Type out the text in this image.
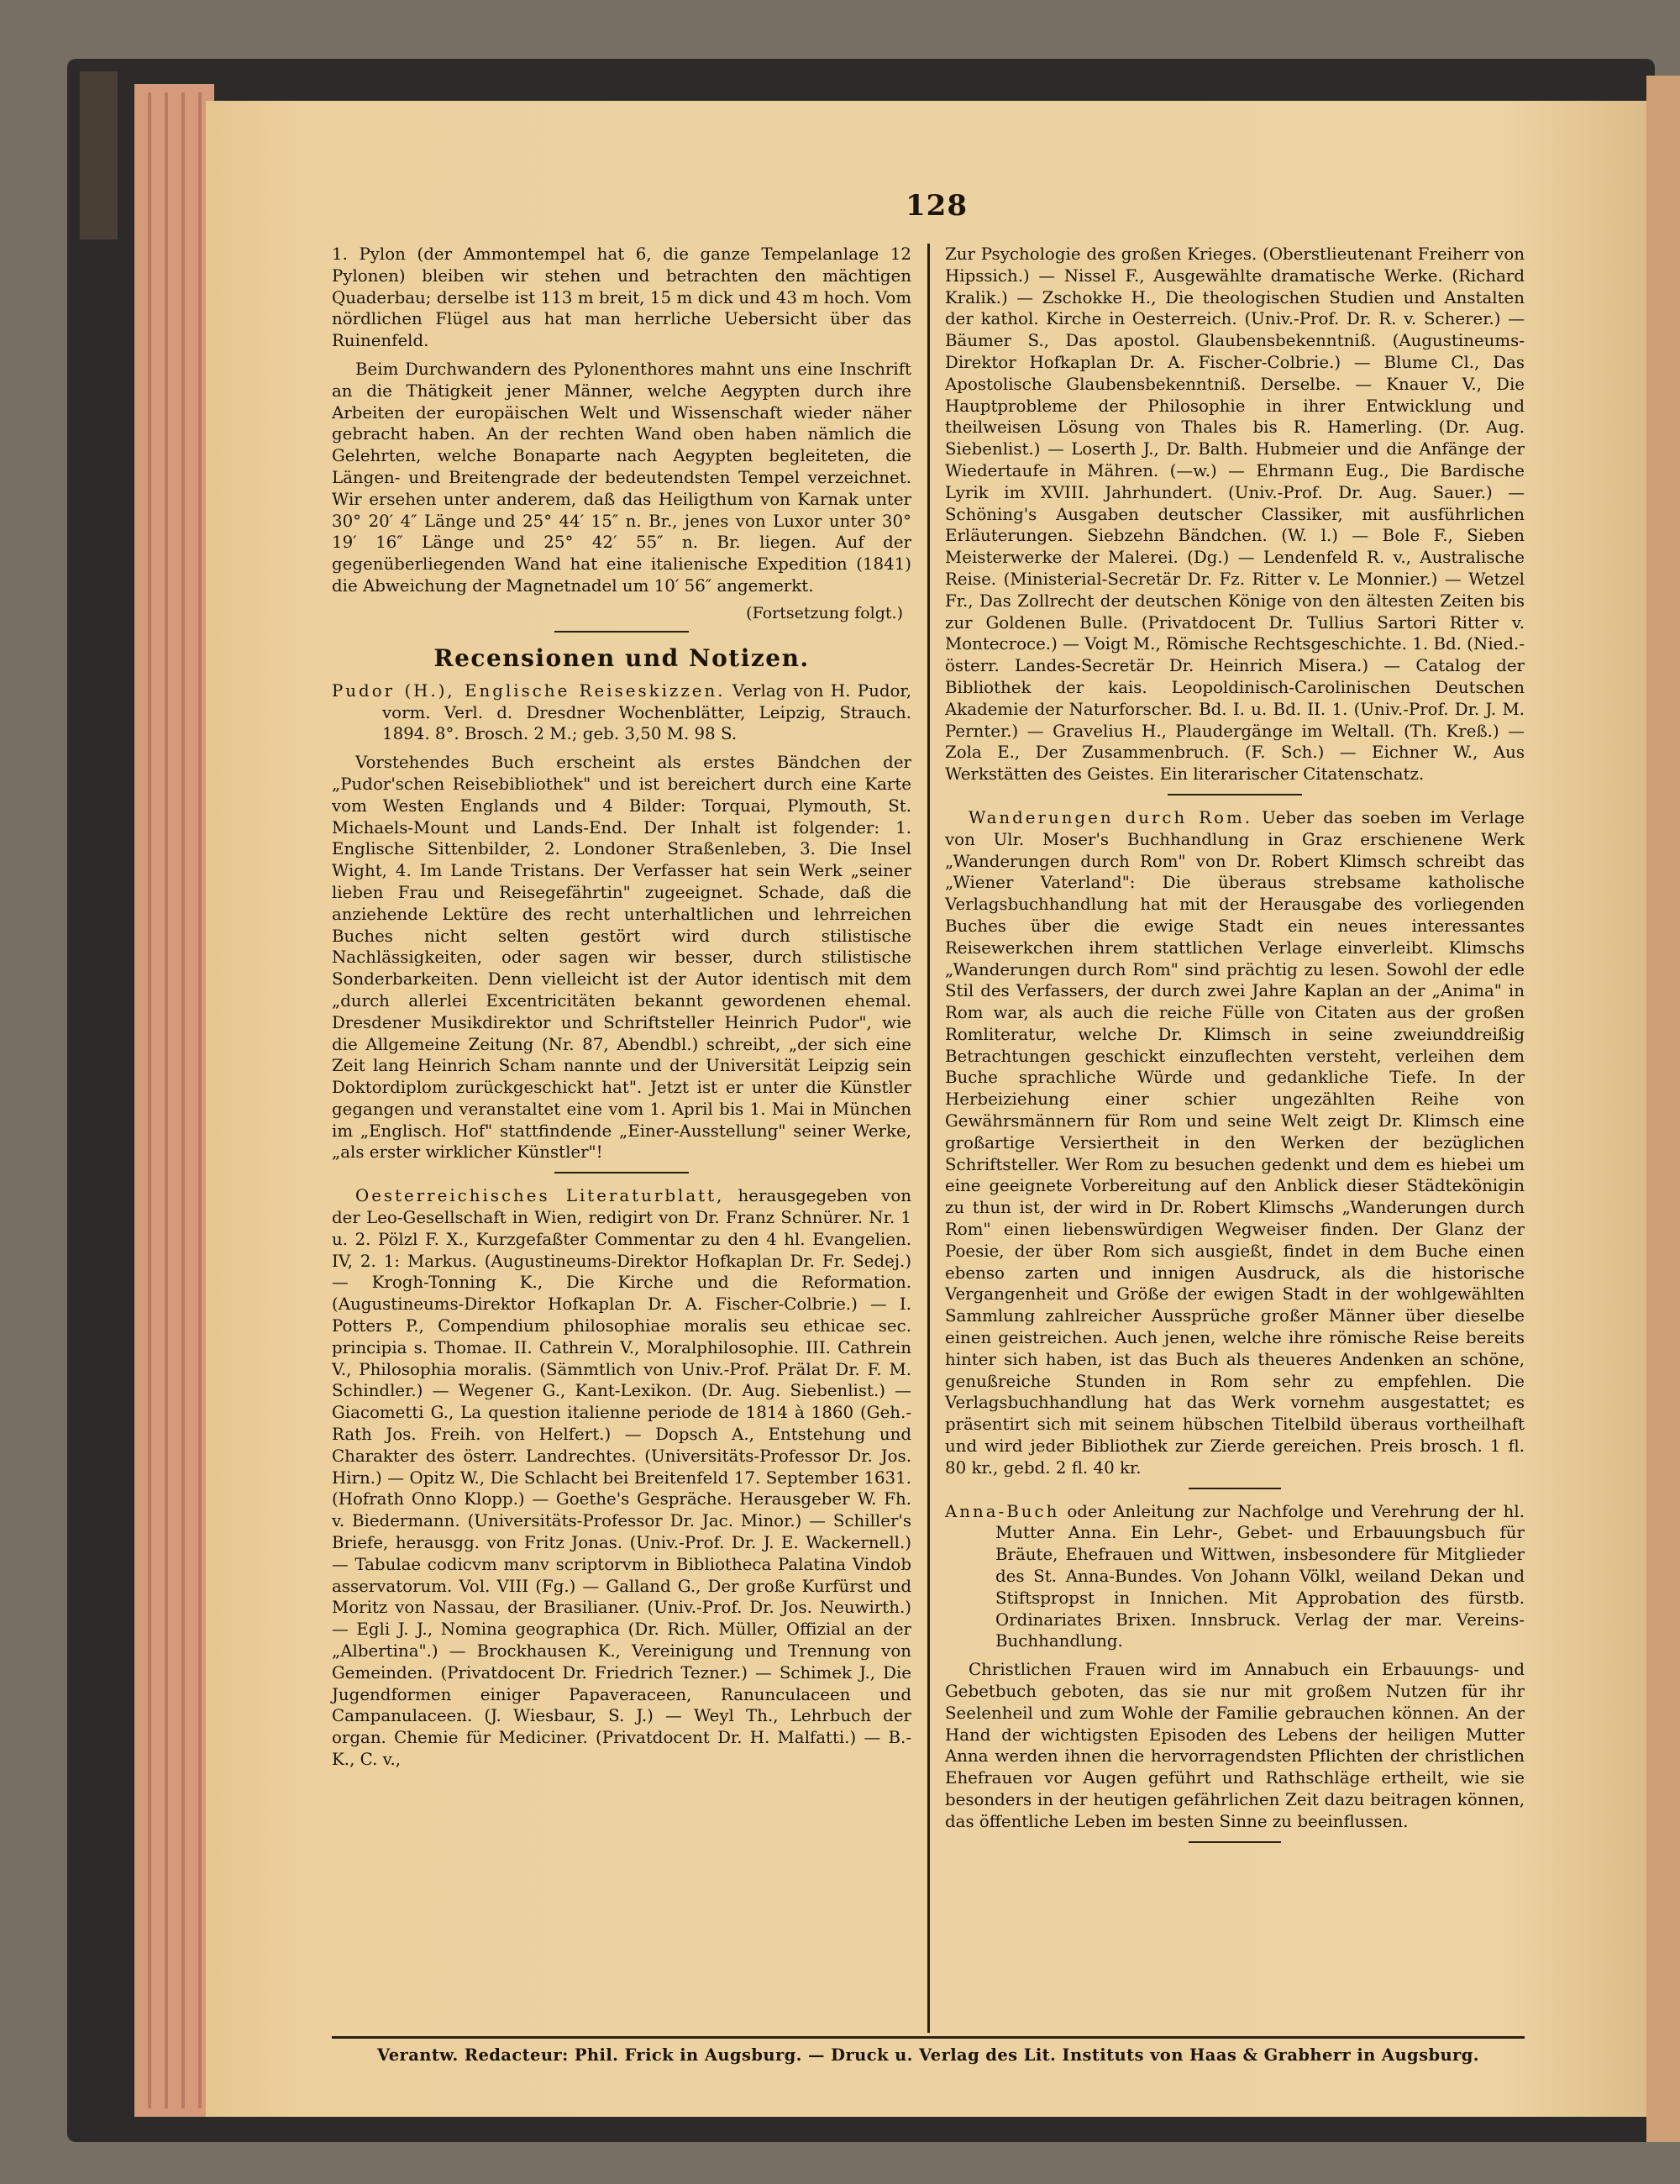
128

1. Pylon (der Ammontempel hat 6, die ganze Tempelanlage 12 Pylonen) bleiben wir stehen und betrachten den mächtigen Quaderbau; derselbe ist 113 m breit, 15 m dick und 43 m hoch. Vom nördlichen Flügel aus hat man herrliche Uebersicht über das Ruinenfeld.

Beim Durchwandern des Pylonenthores mahnt uns eine Inschrift an die Thätigkeit jener Männer, welche Aegypten durch ihre Arbeiten der europäischen Welt und Wissenschaft wieder näher gebracht haben. An der rechten Wand oben haben nämlich die Gelehrten, welche Bonaparte nach Aegypten begleiteten, die Längen- und Breitengrade der bedeutendsten Tempel verzeichnet. Wir ersehen unter anderem, daß das Heiligthum von Karnak unter 30° 20′ 4″ Länge und 25° 44′ 15″ n. Br., jenes von Luxor unter 30° 19′ 16″ Länge und 25° 42′ 55″ n. Br. liegen. Auf der gegenüberliegenden Wand hat eine italienische Expedition (1841) die Abweichung der Magnetnadel um 10′ 56″ angemerkt.

(Fortsetzung folgt.)
Recensionen und Notizen.

Pudor (H.), Englische Reiseskizzen. Verlag von H. Pudor, vorm. Verl. d. Dresdner Wochenblätter, Leipzig, Strauch. 1894. 8°. Brosch. 2 M.; geb. 3,50 M. 98 S.

Vorstehendes Buch erscheint als erstes Bändchen der „Pudor'schen Reisebibliothek" und ist bereichert durch eine Karte vom Westen Englands und 4 Bilder: Torquai, Plymouth, St. Michaels-Mount und Lands-End. Der Inhalt ist folgender: 1. Englische Sittenbilder, 2. Londoner Straßenleben, 3. Die Insel Wight, 4. Im Lande Tristans. Der Verfasser hat sein Werk „seiner lieben Frau und Reisegefährtin" zugeeignet. Schade, daß die anziehende Lektüre des recht unterhaltlichen und lehrreichen Buches nicht selten gestört wird durch stilistische Nachlässigkeiten, oder sagen wir besser, durch stilistische Sonderbarkeiten. Denn vielleicht ist der Autor identisch mit dem „durch allerlei Excentricitäten bekannt gewordenen ehemal. Dresdener Musikdirektor und Schriftsteller Heinrich Pudor", wie die Allgemeine Zeitung (Nr. 87, Abendbl.) schreibt, „der sich eine Zeit lang Heinrich Scham nannte und der Universität Leipzig sein Doktordiplom zurückgeschickt hat". Jetzt ist er unter die Künstler gegangen und veranstaltet eine vom 1. April bis 1. Mai in München im „Englisch. Hof" stattfindende „Einer-Ausstellung" seiner Werke, „als erster wirklicher Künstler"!

Oesterreichisches Literaturblatt, herausgegeben von der Leo-Gesellschaft in Wien, redigirt von Dr. Franz Schnürer. Nr. 1 u. 2. Pölzl F. X., Kurzgefaßter Commentar zu den 4 hl. Evangelien. IV, 2. 1: Markus. (Augustineums-Direktor Hofkaplan Dr. Fr. Sedej.) — Krogh-Tonning K., Die Kirche und die Reformation. (Augustineums-Direktor Hofkaplan Dr. A. Fischer-Colbrie.) — I. Potters P., Compendium philosophiae moralis seu ethicae sec. principia s. Thomae. II. Cathrein V., Moralphilosophie. III. Cathrein V., Philosophia moralis. (Sämmtlich von Univ.-Prof. Prälat Dr. F. M. Schindler.) — Wegener G., Kant-Lexikon. (Dr. Aug. Siebenlist.) — Giacometti G., La question italienne periode de 1814 à 1860 (Geh.-Rath Jos. Freih. von Helfert.) — Dopsch A., Entstehung und Charakter des österr. Landrechtes. (Universitäts-Professor Dr. Jos. Hirn.) — Opitz W., Die Schlacht bei Breitenfeld 17. September 1631. (Hofrath Onno Klopp.) — Goethe's Gespräche. Herausgeber W. Fh. v. Biedermann. (Universitäts-Professor Dr. Jac. Minor.) — Schiller's Briefe, herausgg. von Fritz Jonas. (Univ.-Prof. Dr. J. E. Wackernell.) — Tabulae codicvm manv scriptorvm in Bibliotheca Palatina Vindob asservatorum. Vol. VIII (Fg.) — Galland G., Der große Kurfürst und Moritz von Nassau, der Brasilianer. (Univ.-Prof. Dr. Jos. Neuwirth.) — Egli J. J., Nomina geographica (Dr. Rich. Müller, Offizial an der „Albertina".) — Brockhausen K., Vereinigung und Trennung von Gemeinden. (Privatdocent Dr. Friedrich Tezner.) — Schimek J., Die Jugendformen einiger Papaveraceen, Ranunculaceen und Campanulaceen. (J. Wiesbaur, S. J.) — Weyl Th., Lehrbuch der organ. Chemie für Mediciner. (Privatdocent Dr. H. Malfatti.) — B.-K., C. v.,

Zur Psychologie des großen Krieges. (Oberstlieutenant Freiherr von Hipssich.) — Nissel F., Ausgewählte dramatische Werke. (Richard Kralik.) — Zschokke H., Die theologischen Studien und Anstalten der kathol. Kirche in Oesterreich. (Univ.-Prof. Dr. R. v. Scherer.) — Bäumer S., Das apostol. Glaubensbekenntniß. (Augustineums-Direktor Hofkaplan Dr. A. Fischer-Colbrie.) — Blume Cl., Das Apostolische Glaubensbekenntniß. Derselbe. — Knauer V., Die Hauptprobleme der Philosophie in ihrer Entwicklung und theilweisen Lösung von Thales bis R. Hamerling. (Dr. Aug. Siebenlist.) — Loserth J., Dr. Balth. Hubmeier und die Anfänge der Wiedertaufe in Mähren. (—w.) — Ehrmann Eug., Die Bardische Lyrik im XVIII. Jahrhundert. (Univ.-Prof. Dr. Aug. Sauer.) — Schöning's Ausgaben deutscher Classiker, mit ausführlichen Erläuterungen. Siebzehn Bändchen. (W. l.) — Bole F., Sieben Meisterwerke der Malerei. (Dg.) — Lendenfeld R. v., Australische Reise. (Ministerial-Secretär Dr. Fz. Ritter v. Le Monnier.) — Wetzel Fr., Das Zollrecht der deutschen Könige von den ältesten Zeiten bis zur Goldenen Bulle. (Privatdocent Dr. Tullius Sartori Ritter v. Montecroce.) — Voigt M., Römische Rechtsgeschichte. 1. Bd. (Nied.-österr. Landes-Secretär Dr. Heinrich Misera.) — Catalog der Bibliothek der kais. Leopoldinisch-Carolinischen Deutschen Akademie der Naturforscher. Bd. I. u. Bd. II. 1. (Univ.-Prof. Dr. J. M. Pernter.) — Gravelius H., Plaudergänge im Weltall. (Th. Kreß.) — Zola E., Der Zusammenbruch. (F. Sch.) — Eichner W., Aus Werkstätten des Geistes. Ein literarischer Citatenschatz.

Wanderungen durch Rom. Ueber das soeben im Verlage von Ulr. Moser's Buchhandlung in Graz erschienene Werk „Wanderungen durch Rom" von Dr. Robert Klimsch schreibt das „Wiener Vaterland": Die überaus strebsame katholische Verlagsbuchhandlung hat mit der Herausgabe des vorliegenden Buches über die ewige Stadt ein neues interessantes Reisewerkchen ihrem stattlichen Verlage einverleibt. Klimschs „Wanderungen durch Rom" sind prächtig zu lesen. Sowohl der edle Stil des Verfassers, der durch zwei Jahre Kaplan an der „Anima" in Rom war, als auch die reiche Fülle von Citaten aus der großen Romliteratur, welche Dr. Klimsch in seine zweiunddreißig Betrachtungen geschickt einzuflechten versteht, verleihen dem Buche sprachliche Würde und gedankliche Tiefe. In der Herbeiziehung einer schier ungezählten Reihe von Gewährsmännern für Rom und seine Welt zeigt Dr. Klimsch eine großartige Versiertheit in den Werken der bezüglichen Schriftsteller. Wer Rom zu besuchen gedenkt und dem es hiebei um eine geeignete Vorbereitung auf den Anblick dieser Städtekönigin zu thun ist, der wird in Dr. Robert Klimschs „Wanderungen durch Rom" einen liebenswürdigen Wegweiser finden. Der Glanz der Poesie, der über Rom sich ausgießt, findet in dem Buche einen ebenso zarten und innigen Ausdruck, als die historische Vergangenheit und Größe der ewigen Stadt in der wohlgewählten Sammlung zahlreicher Aussprüche großer Männer über dieselbe einen geistreichen. Auch jenen, welche ihre römische Reise bereits hinter sich haben, ist das Buch als theueres Andenken an schöne, genußreiche Stunden in Rom sehr zu empfehlen. Die Verlagsbuchhandlung hat das Werk vornehm ausgestattet; es präsentirt sich mit seinem hübschen Titelbild überaus vortheilhaft und wird jeder Bibliothek zur Zierde gereichen. Preis brosch. 1 fl. 80 kr., gebd. 2 fl. 40 kr.

Anna-Buch oder Anleitung zur Nachfolge und Verehrung der hl. Mutter Anna. Ein Lehr-, Gebet- und Erbauungsbuch für Bräute, Ehefrauen und Wittwen, insbesondere für Mitglieder des St. Anna-Bundes. Von Johann Völkl, weiland Dekan und Stiftspropst in Innichen. Mit Approbation des fürstb. Ordinariates Brixen. Innsbruck. Verlag der mar. Vereins-Buchhandlung.

Christlichen Frauen wird im Annabuch ein Erbauungs- und Gebetbuch geboten, das sie nur mit großem Nutzen für ihr Seelenheil und zum Wohle der Familie gebrauchen können. An der Hand der wichtigsten Episoden des Lebens der heiligen Mutter Anna werden ihnen die hervorragendsten Pflichten der christlichen Ehefrauen vor Augen geführt und Rathschläge ertheilt, wie sie besonders in der heutigen gefährlichen Zeit dazu beitragen können, das öffentliche Leben im besten Sinne zu beeinflussen.

Verantw. Redacteur: Phil. Frick in Augsburg. — Druck u. Verlag des Lit. Instituts von Haas & Grabherr in Augsburg.
